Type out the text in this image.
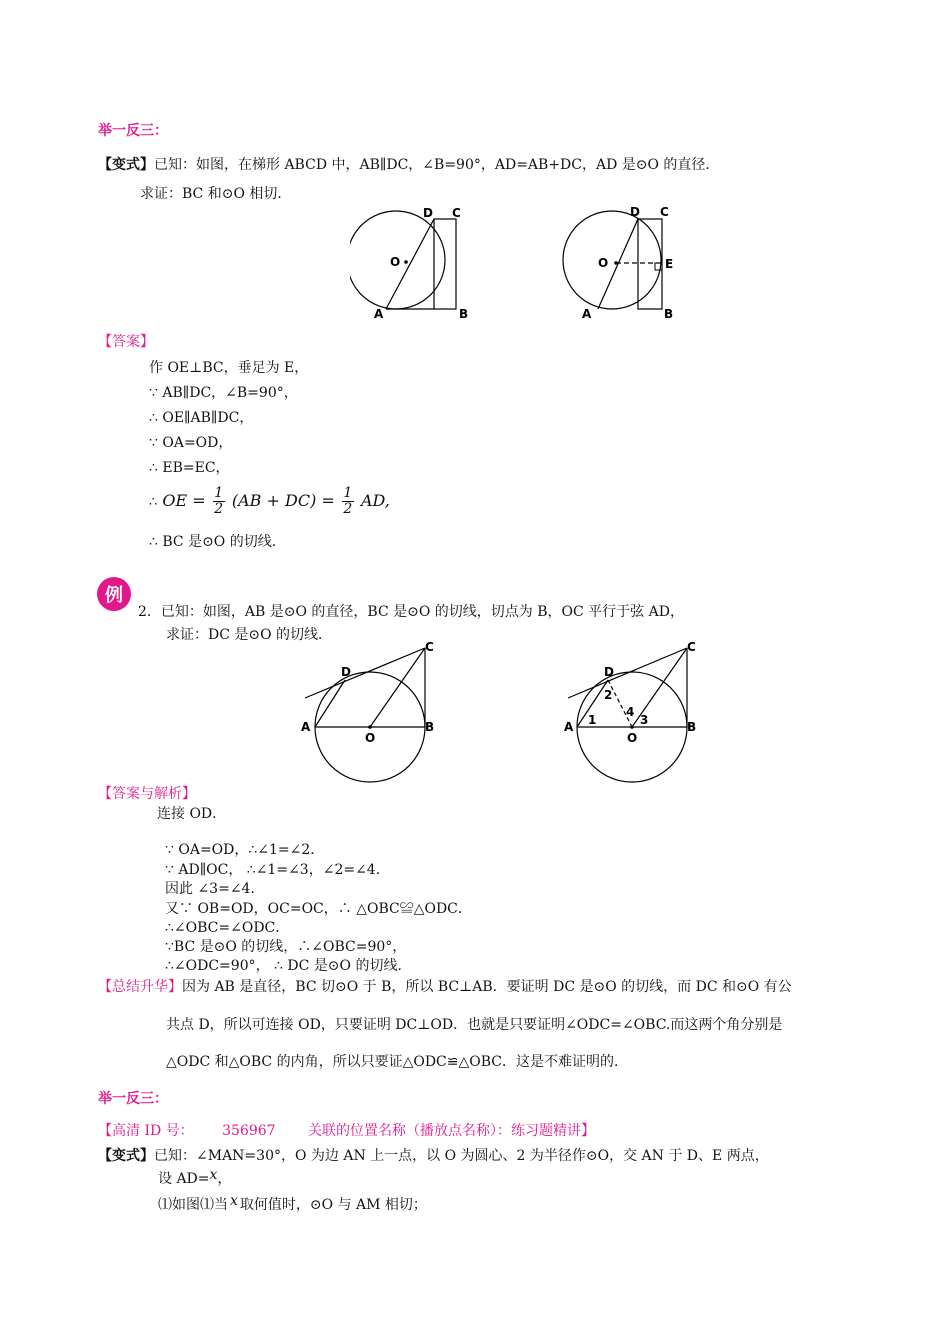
举一反三：
【变式】已知：如图，在梯形 ABCD 中，AB∥DC，∠B=90°，AD=AB+DC，AD 是⊙O 的直径．
求证：BC 和⊙O 相切．
D C
O
A	B
D C
O	E
A	B
【答案】
作 OE⊥BC，垂足为 E，
∵ AB∥DC，∠B=90°，
∴ OE∥AB∥DC，
∵ OA=OD，
∴ EB=EC，
∴ OE = $\frac{1}{2} (AB + DC) = \frac{1}{2}$ AD,
∴ BC 是⊙O 的切线．
例
2．已知：如图，AB 是⊙O 的直径，BC 是⊙O 的切线，切点为 B，OC 平行于弦 AD，
求证：DC 是⊙O 的切线．
D
C
A	B
O
D
C
A	B
O
1
2
3
4
【答案与解析】
连接 OD．
∵ OA=OD，∴∠1=∠2．
∵ AD∥OC， ∴∠1=∠3，∠2=∠4．
因此 ∠3=∠4．
又∵ OB=OD，OC=OC，∴ △OBC≌△ODC．
∴∠OBC=∠ODC．
∵BC 是⊙O 的切线，∴∠OBC=90°，
∴∠ODC=90°， ∴ DC 是⊙O 的切线．
【总结升华】因为 AB 是直径，BC 切⊙O 于 B，所以 BC⊥AB．要证明 DC 是⊙O 的切线，而 DC 和⊙O 有公
共点 D，所以可连接 OD，只要证明 DC⊥OD．也就是只要证明∠ODC=∠OBC.而这两个角分别是
△ODC 和△OBC 的内角，所以只要证△ODC≌△OBC．这是不难证明的．
举一反三：
【高清 ID 号： 356967 关联的位置名称（播放点名称）：练习题精讲】
【变式】已知：∠MAN=30°，O 为边 AN 上一点，以 O 为圆心、2 为半径作⊙O，交 AN 于 D、E 两点，
设 AD=x，
⑴如图⑴当 x 取何值时，⊙O 与 AM 相切；
